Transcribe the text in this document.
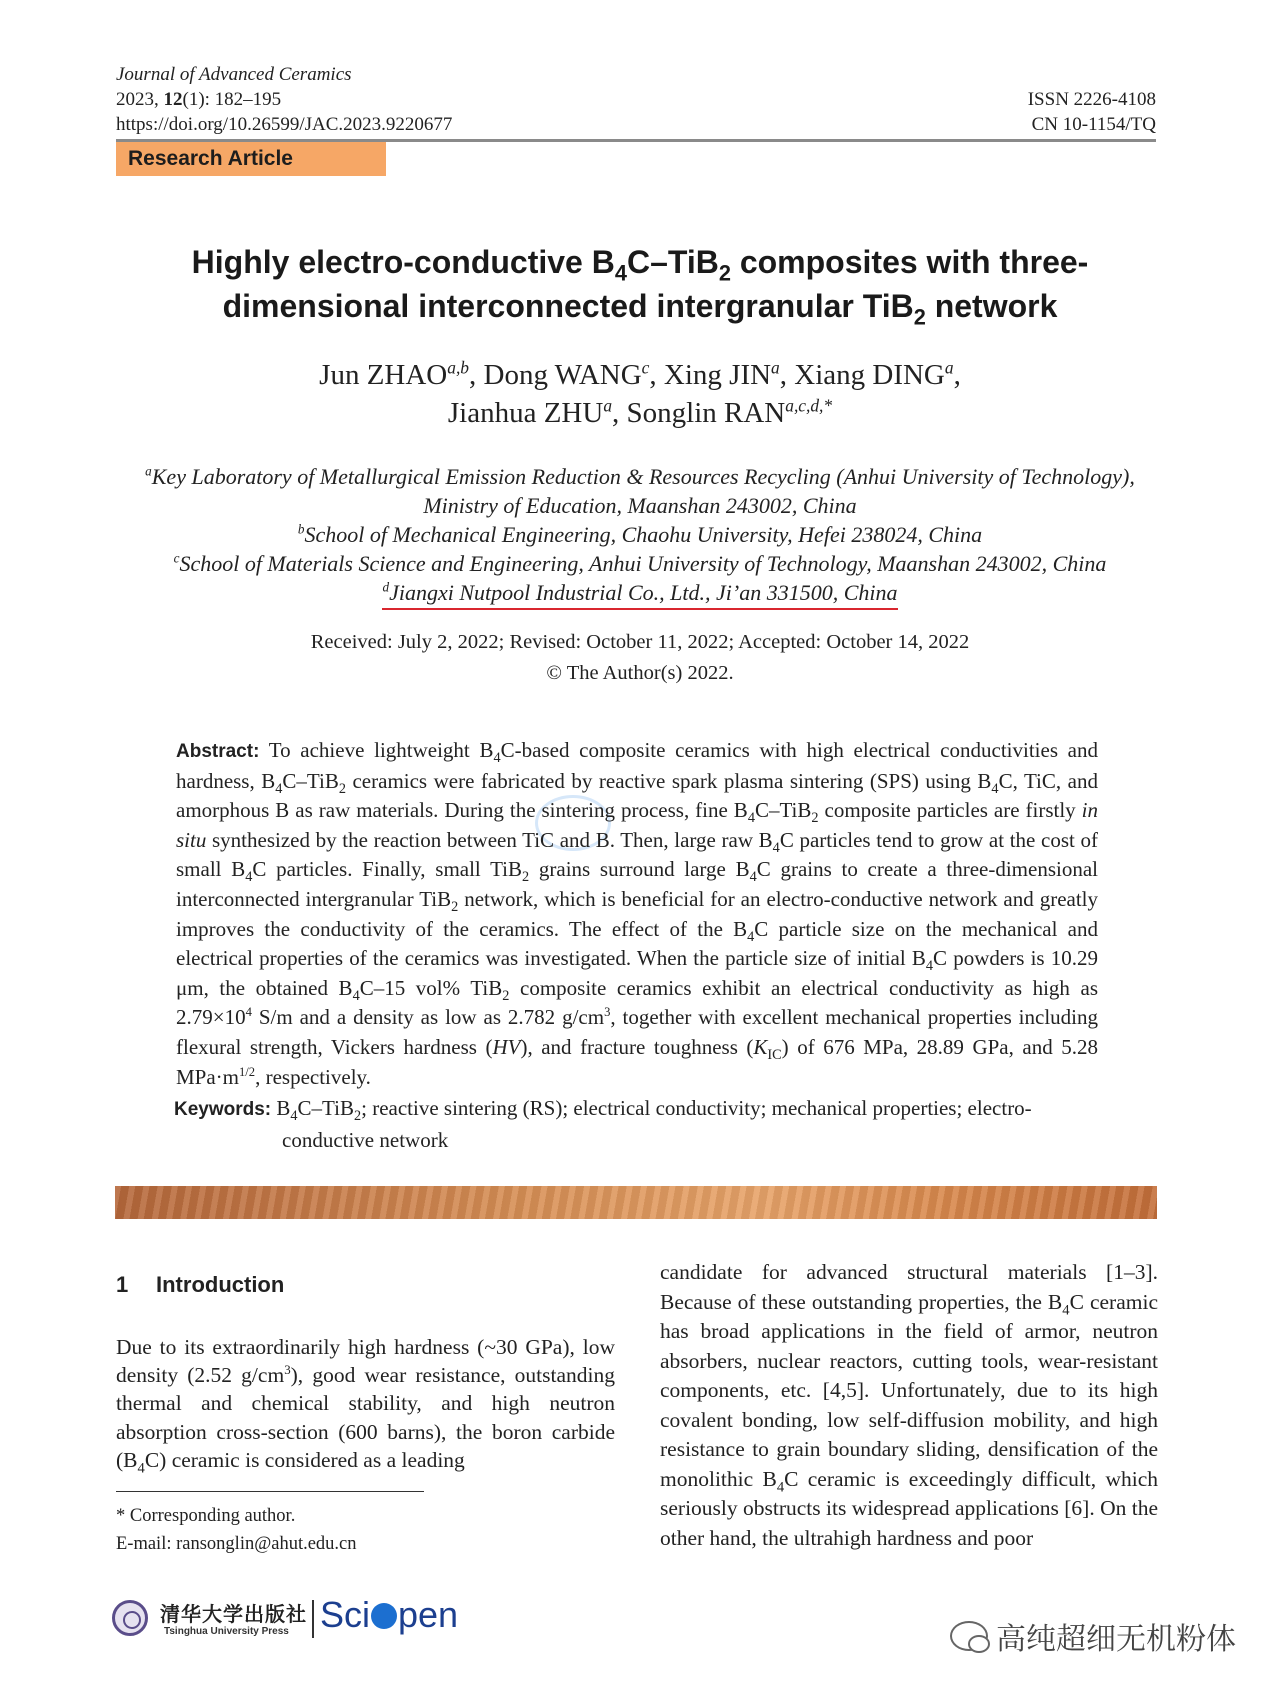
Journal of Advanced Ceramics
2023, 12(1): 182–195
https://doi.org/10.26599/JAC.2023.9220677
ISSN 2226-4108
CN 10-1154/TQ
Research Article
Highly electro-conductive $B_4C-TiB_2$ composites with three-dimensional interconnected intergranular TiB$_2$ network
Jun ZHAO$^{a,b}$, Dong WANG$^c$, Xing JIN$^a$, Xiang DING$^a$,
Jianhua ZHU$^a$, Songlin $RAN^{a,c,d,*}$
$^a$Key Laboratory of Metallurgical Emission Reduction & Resources Recycling (Anhui University of Technology), Ministry of Education, Maanshan 243002, China
$^b$School of Mechanical Engineering, Chaohu University, Hefei 238024, China
$^c$School of Materials Science and Engineering, Anhui University of Technology, Maanshan 243002, China
$^d$Jiangxi Nutpool Industrial Co., Ltd., Ji’an 331500, China
Received: July 2, 2022; Revised: October 11, 2022; Accepted: October 14, 2022
© The Author(s) 2022.
Abstract: To achieve lightweight $B_4C$-based composite ceramics with high electrical conductivities and hardness, $B_4C-TiB_2$ ceramics were fabricated by reactive spark plasma sintering (SPS) using $B_4C$, TiC, and amorphous B as raw materials. During the sintering process, fine $B_4C-TiB_2$ composite particles are firstly in situ synthesized by the reaction between TiC and B. Then, large raw $B_4C$ particles tend to grow at the cost of small $B_4C$ particles. Finally, small TiB$_2$ grains surround large $B_4C$ grains to create a three-dimensional interconnected intergranular TiB$_2$ network, which is beneficial for an electro-conductive network and greatly improves the conductivity of the ceramics. The effect of the $B_4C$ particle size on the mechanical and electrical properties of the ceramics was investigated. When the particle size of initial $B_4C$ powders is 10.29 μm, the obtained $B_4C-15$ vol% TiB$_2$ composite ceramics exhibit an electrical conductivity as high as $2.79\times 10^4$ S/m and a density as low as 2.782 $g/cm^3$, together with excellent mechanical properties including flexural strength, Vickers hardness (HV), and fracture toughness $(K_{IC})$ of 676 MPa, 28.89 GPa, and 5.28 $MPa\cdot m^{1/2}$, respectively.
Keywords: $B_4C-TiB_2$; reactive sintering (RS); electrical conductivity; mechanical properties; electro-conductive network
1 Introduction
Due to its extraordinarily high hardness (~30 GPa), low density (2.52 $g/cm^3$), good wear resistance, outstanding thermal and chemical stability, and high neutron absorption cross-section (600 barns), the boron carbide $(B_4C)$ ceramic is considered as a leading
candidate for advanced structural materials [1–3]. Because of these outstanding properties, the $B_4C$ ceramic has broad applications in the field of armor, neutron absorbers, nuclear reactors, cutting tools, wear-resistant components, etc. [4,5]. Unfortunately, due to its high covalent bonding, low self-diffusion mobility, and high resistance to grain boundary sliding, densification of the monolithic $B_4C$ ceramic is exceedingly difficult, which seriously obstructs its widespread applications [6]. On the other hand, the ultrahigh hardness and poor
* Corresponding author.
E-mail: ransonglin@ahut.edu.cn
清华大学出版社
Tsinghua University Press Sci pen
高纯超细无机粉体
